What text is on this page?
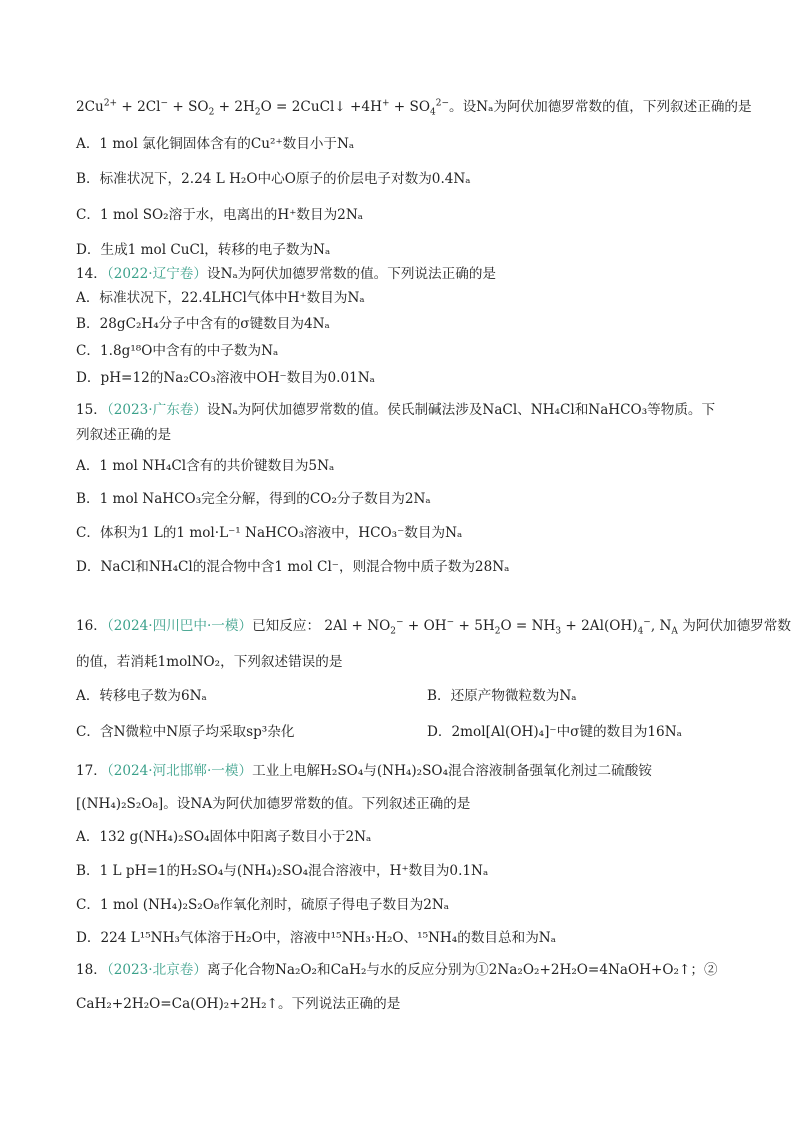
$2Cu^{2+} + 2Cl^- + SO_2 + 2H_2O$ = 2CuCl↓ $+4H^+ + SO_4^{2-}$。设Nₐ为阿伏加德罗常数的值，下列叙述正确的是
A．1 mol 氯化铜固体含有的Cu²⁺数目小于Nₐ
B．标准状况下，2.24 L H₂O中心O原子的价层电子对数为0.4Nₐ
C．1 mol SO₂溶于水，电离出的H⁺数目为2Nₐ
D．生成1 mol CuCl，转移的电子数为Nₐ
14．（2022·辽宁卷）设Nₐ为阿伏加德罗常数的值。下列说法正确的是
A．标准状况下，22.4LHCl气体中H⁺数目为Nₐ
B．28gC₂H₄分子中含有的σ键数目为4Nₐ
C．1.8g¹⁸O中含有的中子数为Nₐ
D．pH=12的Na₂CO₃溶液中OH⁻数目为0.01Nₐ
15．（2023·广东卷）设Nₐ为阿伏加德罗常数的值。侯氏制碱法涉及NaCl、NH₄Cl和NaHCO₃等物质。下
列叙述正确的是
A．1 mol NH₄Cl含有的共价键数目为5Nₐ
B．1 mol NaHCO₃完全分解，得到的CO₂分子数目为2Nₐ
C．体积为1 L的1 mol·L⁻¹ NaHCO₃溶液中，HCO₃⁻数目为Nₐ
D．NaCl和NH₄Cl的混合物中含1 mol Cl⁻，则混合物中质子数为28Nₐ
16．（2024·四川巴中·一模）已知反应： $2Al + NO_2^- + OH^- + 5H_2O = NH_3 + 2Al(OH)_4^-$, $N_A$ 为阿伏加德罗常数
的值，若消耗1molNO₂，下列叙述错误的是
A．转移电子数为6Nₐ	B．还原产物微粒数为Nₐ
C．含N微粒中N原子均采取sp³杂化	D．2mol[Al(OH)₄]⁻中σ键的数目为16Nₐ
17．（2024·河北邯郸·一模）工业上电解H₂SO₄与(NH₄)₂SO₄混合溶液制备强氧化剂过二硫酸铵
[(NH₄)₂S₂O₈]。设NA为阿伏加德罗常数的值。下列叙述正确的是
A．132 g(NH₄)₂SO₄固体中阳离子数目小于2Nₐ
B．1 L pH=1的H₂SO₄与(NH₄)₂SO₄混合溶液中，H⁺数目为0.1Nₐ
C．1 mol (NH₄)₂S₂O₈作氧化剂时，硫原子得电子数目为2Nₐ
D．224 L¹⁵NH₃气体溶于H₂O中，溶液中¹⁵NH₃·H₂O、¹⁵NH₄的数目总和为Nₐ
18．（2023·北京卷）离子化合物Na₂O₂和CaH₂与水的反应分别为①2Na₂O₂+2H₂O=4NaOH+O₂↑；②
CaH₂+2H₂O=Ca(OH)₂+2H₂↑。下列说法正确的是
